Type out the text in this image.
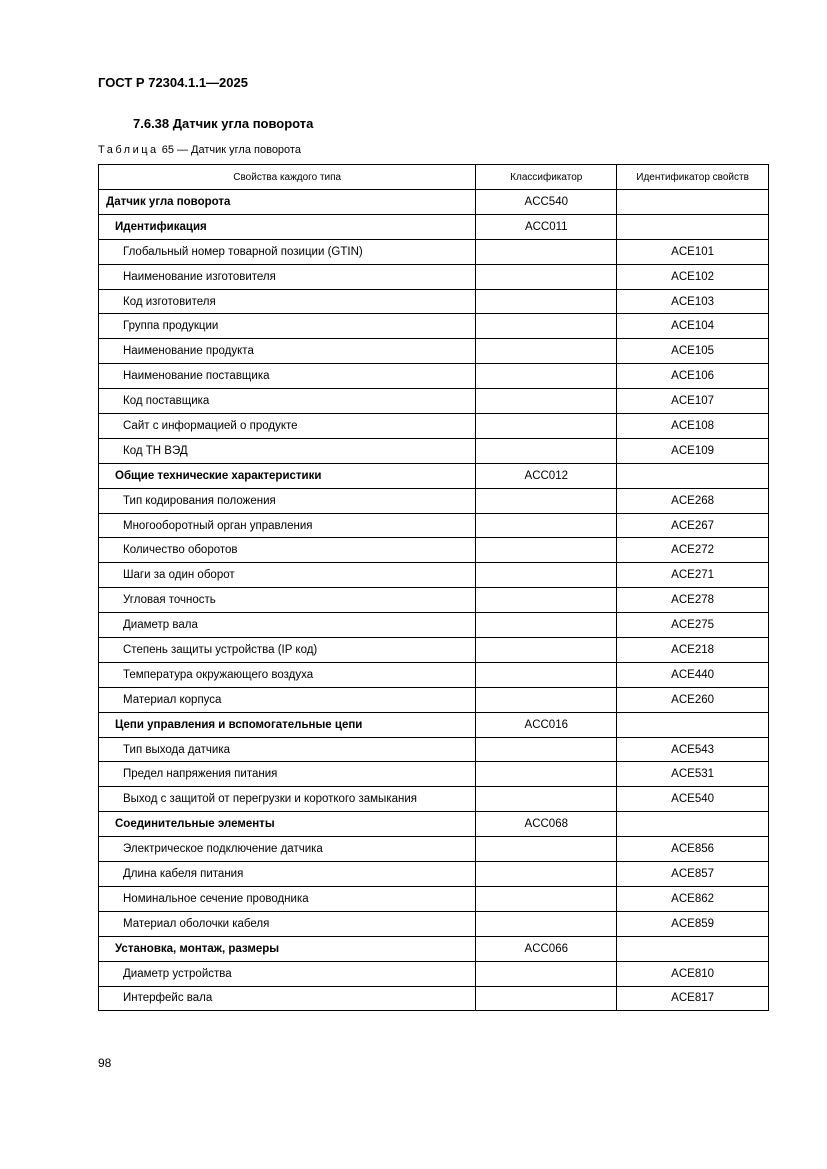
ГОСТ Р 72304.1.1—2025
7.6.38 Датчик угла поворота
Таблица 65 — Датчик угла поворота
Свойства каждого типа	Классификатор	Идентификатор свойств
Датчик угла поворота	ACC540	
Идентификация	ACC011	
Глобальный номер товарной позиции (GTIN)		ACE101
Наименование изготовителя		ACE102
Код изготовителя		ACE103
Группа продукции		ACE104
Наименование продукта		ACE105
Наименование поставщика		ACE106
Код поставщика		ACE107
Сайт с информацией о продукте		ACE108
Код ТН ВЭД		ACE109
Общие технические характеристики	ACC012	
Тип кодирования положения		ACE268
Многооборотный орган управления		ACE267
Количество оборотов		ACE272
Шаги за один оборот		ACE271
Угловая точность		ACE278
Диаметр вала		ACE275
Степень защиты устройства (IP код)		ACE218
Температура окружающего воздуха		ACE440
Материал корпуса		ACE260
Цепи управления и вспомогательные цепи	ACC016	
Тип выхода датчика		ACE543
Предел напряжения питания		ACE531
Выход с защитой от перегрузки и короткого замыкания		ACE540
Соединительные элементы	ACC068	
Электрическое подключение датчика		ACE856
Длина кабеля питания		ACE857
Номинальное сечение проводника		ACE862
Материал оболочки кабеля		ACE859
Установка, монтаж, размеры	ACC066	
Диаметр устройства		ACE810
Интерфейс вала		ACE817
98
